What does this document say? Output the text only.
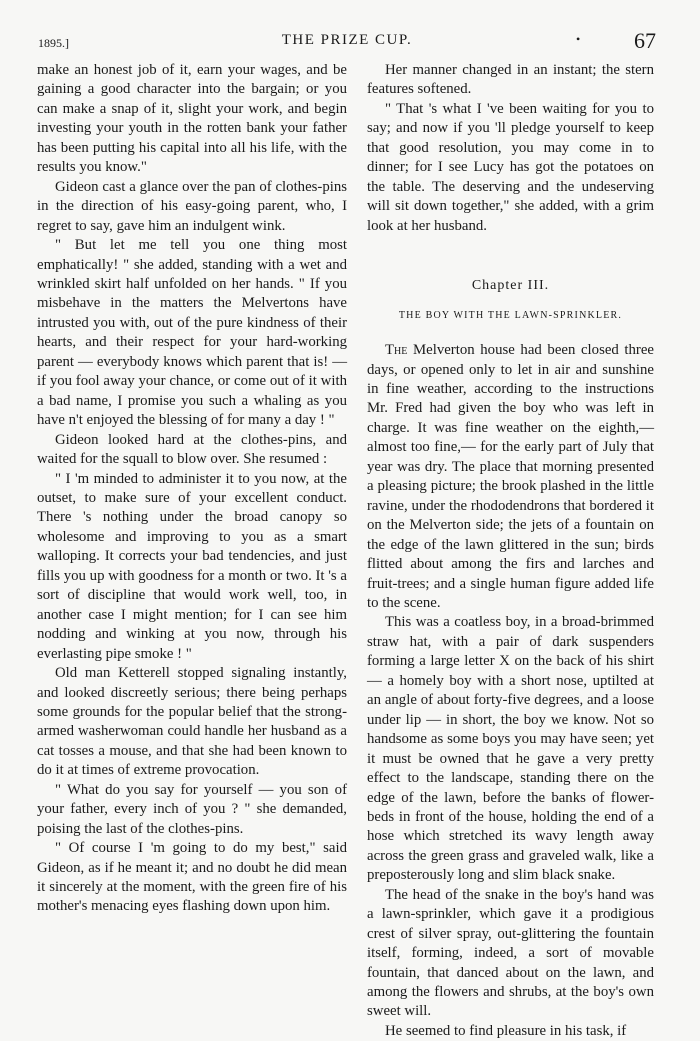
1895.]	THE PRIZE CUP.	• 67

make an honest job of it, earn your wages, and be gaining a good character into the bargain; or you can make a snap of it, slight your work, and begin investing your youth in the rotten bank your father has been putting his capital into all his life, with the results you know."

Gideon cast a glance over the pan of clothes-pins in the direction of his easy-going parent, who, I regret to say, gave him an indulgent wink.

" But let me tell you one thing most emphatically! " she added, standing with a wet and wrinkled skirt half unfolded on her hands. " If you misbehave in the matters the Melvertons have intrusted you with, out of the pure kindness of their hearts, and their respect for your hard-working parent — everybody knows which parent that is! — if you fool away your chance, or come out of it with a bad name, I promise you such a whaling as you have n't enjoyed the blessing of for many a day ! "

Gideon looked hard at the clothes-pins, and waited for the squall to blow over. She resumed :

" I 'm minded to administer it to you now, at the outset, to make sure of your excellent conduct. There 's nothing under the broad canopy so wholesome and improving to you as a smart walloping. It corrects your bad tendencies, and just fills you up with goodness for a month or two. It 's a sort of discipline that would work well, too, in another case I might mention; for I can see him nodding and winking at you now, through his everlasting pipe smoke ! "

Old man Ketterell stopped signaling instantly, and looked discreetly serious; there being perhaps some grounds for the popular belief that the strong-armed washerwoman could handle her husband as a cat tosses a mouse, and that she had been known to do it at times of extreme provocation.

" What do you say for yourself — you son of your father, every inch of you ? " she demanded, poising the last of the clothes-pins.

" Of course I 'm going to do my best," said Gideon, as if he meant it; and no doubt he did mean it sincerely at the moment, with the green fire of his mother's menacing eyes flashing down upon him.

Her manner changed in an instant; the stern features softened.

" That 's what I 've been waiting for you to say; and now if you 'll pledge yourself to keep that good resolution, you may come in to dinner; for I see Lucy has got the potatoes on the table. The deserving and the undeserving will sit down together," she added, with a grim look at her husband.

Chapter III.
THE BOY WITH THE LAWN-SPRINKLER.

The Melverton house had been closed three days, or opened only to let in air and sunshine in fine weather, according to the instructions Mr. Fred had given the boy who was left in charge. It was fine weather on the eighth,— almost too fine,— for the early part of July that year was dry. The place that morning presented a pleasing picture; the brook plashed in the little ravine, under the rhododendrons that bordered it on the Melverton side; the jets of a fountain on the edge of the lawn glittered in the sun; birds flitted about among the firs and larches and fruit-trees; and a single human figure added life to the scene.

This was a coatless boy, in a broad-brimmed straw hat, with a pair of dark suspenders forming a large letter X on the back of his shirt — a homely boy with a short nose, uptilted at an angle of about forty-five degrees, and a loose under lip — in short, the boy we know. Not so handsome as some boys you may have seen; yet it must be owned that he gave a very pretty effect to the landscape, standing there on the edge of the lawn, before the banks of flower-beds in front of the house, holding the end of a hose which stretched its wavy length away across the green grass and graveled walk, like a preposterously long and slim black snake.

The head of the snake in the boy's hand was a lawn-sprinkler, which gave it a prodigious crest of silver spray, out-glittering the fountain itself, forming, indeed, a sort of movable fountain, that danced about on the lawn, and among the flowers and shrubs, at the boy's own sweet will.

He seemed to find pleasure in his task, if
